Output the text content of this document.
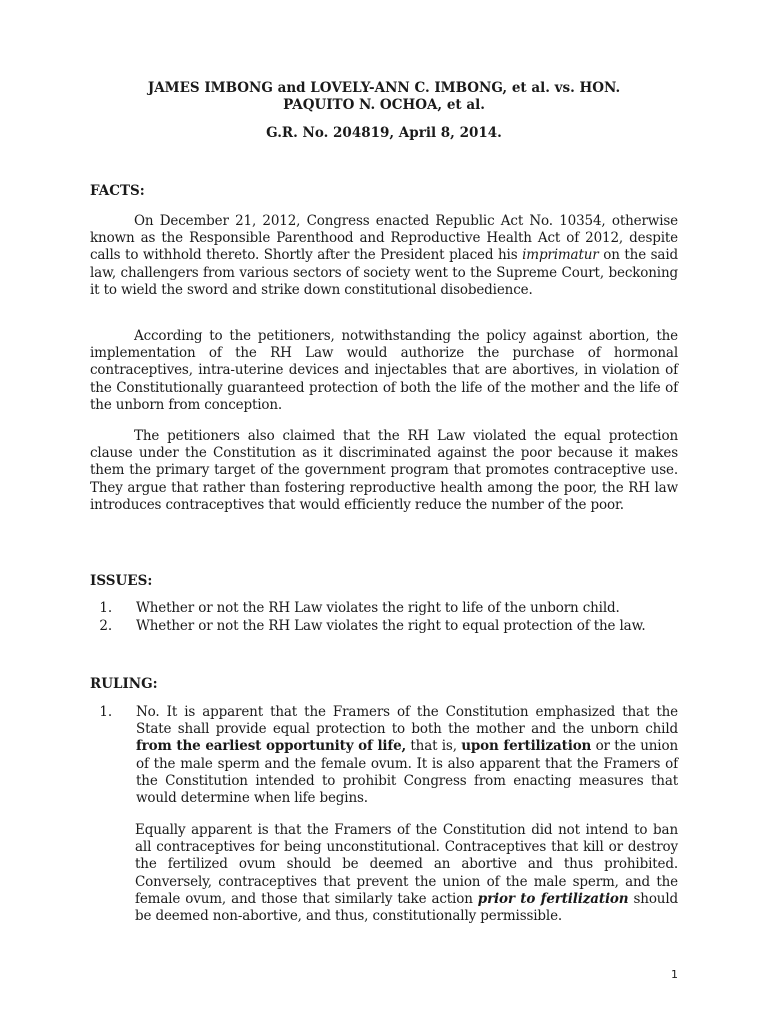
JAMES IMBONG and LOVELY-ANN C. IMBONG, et al. vs. HON.
PAQUITO N. OCHOA, et al.

G.R. No. 204819, April 8, 2014.

FACTS:

On December 21, 2012, Congress enacted Republic Act No. 10354, otherwise known as the Responsible Parenthood and Reproductive Health Act of 2012, despite calls to withhold thereto. Shortly after the President placed his imprimatur on the said law, challengers from various sectors of society went to the Supreme Court, beckoning it to wield the sword and strike down constitutional disobedience.

According to the petitioners, notwithstanding the policy against abortion, the implementation of the RH Law would authorize the purchase of hormonal contraceptives, intra-uterine devices and injectables that are abortives, in violation of the Constitutionally guaranteed protection of both the life of the mother and the life of the unborn from conception.

The petitioners also claimed that the RH Law violated the equal protection clause under the Constitution as it discriminated against the poor because it makes them the primary target of the government program that promotes contraceptive use. They argue that rather than fostering reproductive health among the poor, the RH law introduces contraceptives that would efficiently reduce the number of the poor.

ISSUES:

1.	Whether or not the RH Law violates the right to life of the unborn child.
2.	Whether or not the RH Law violates the right to equal protection of the law.

RULING:

1.	No. It is apparent that the Framers of the Constitution emphasized that the State shall provide equal protection to both the mother and the unborn child from the earliest opportunity of life, that is, upon fertilization or the union of the male sperm and the female ovum. It is also apparent that the Framers of the Constitution intended to prohibit Congress from enacting measures that would determine when life begins.

Equally apparent is that the Framers of the Constitution did not intend to ban all contraceptives for being unconstitutional. Contraceptives that kill or destroy the fertilized ovum should be deemed an abortive and thus prohibited. Conversely, contraceptives that prevent the union of the male sperm, and the female ovum, and those that similarly take action prior to fertilization should be deemed non-abortive, and thus, constitutionally permissible.

1
